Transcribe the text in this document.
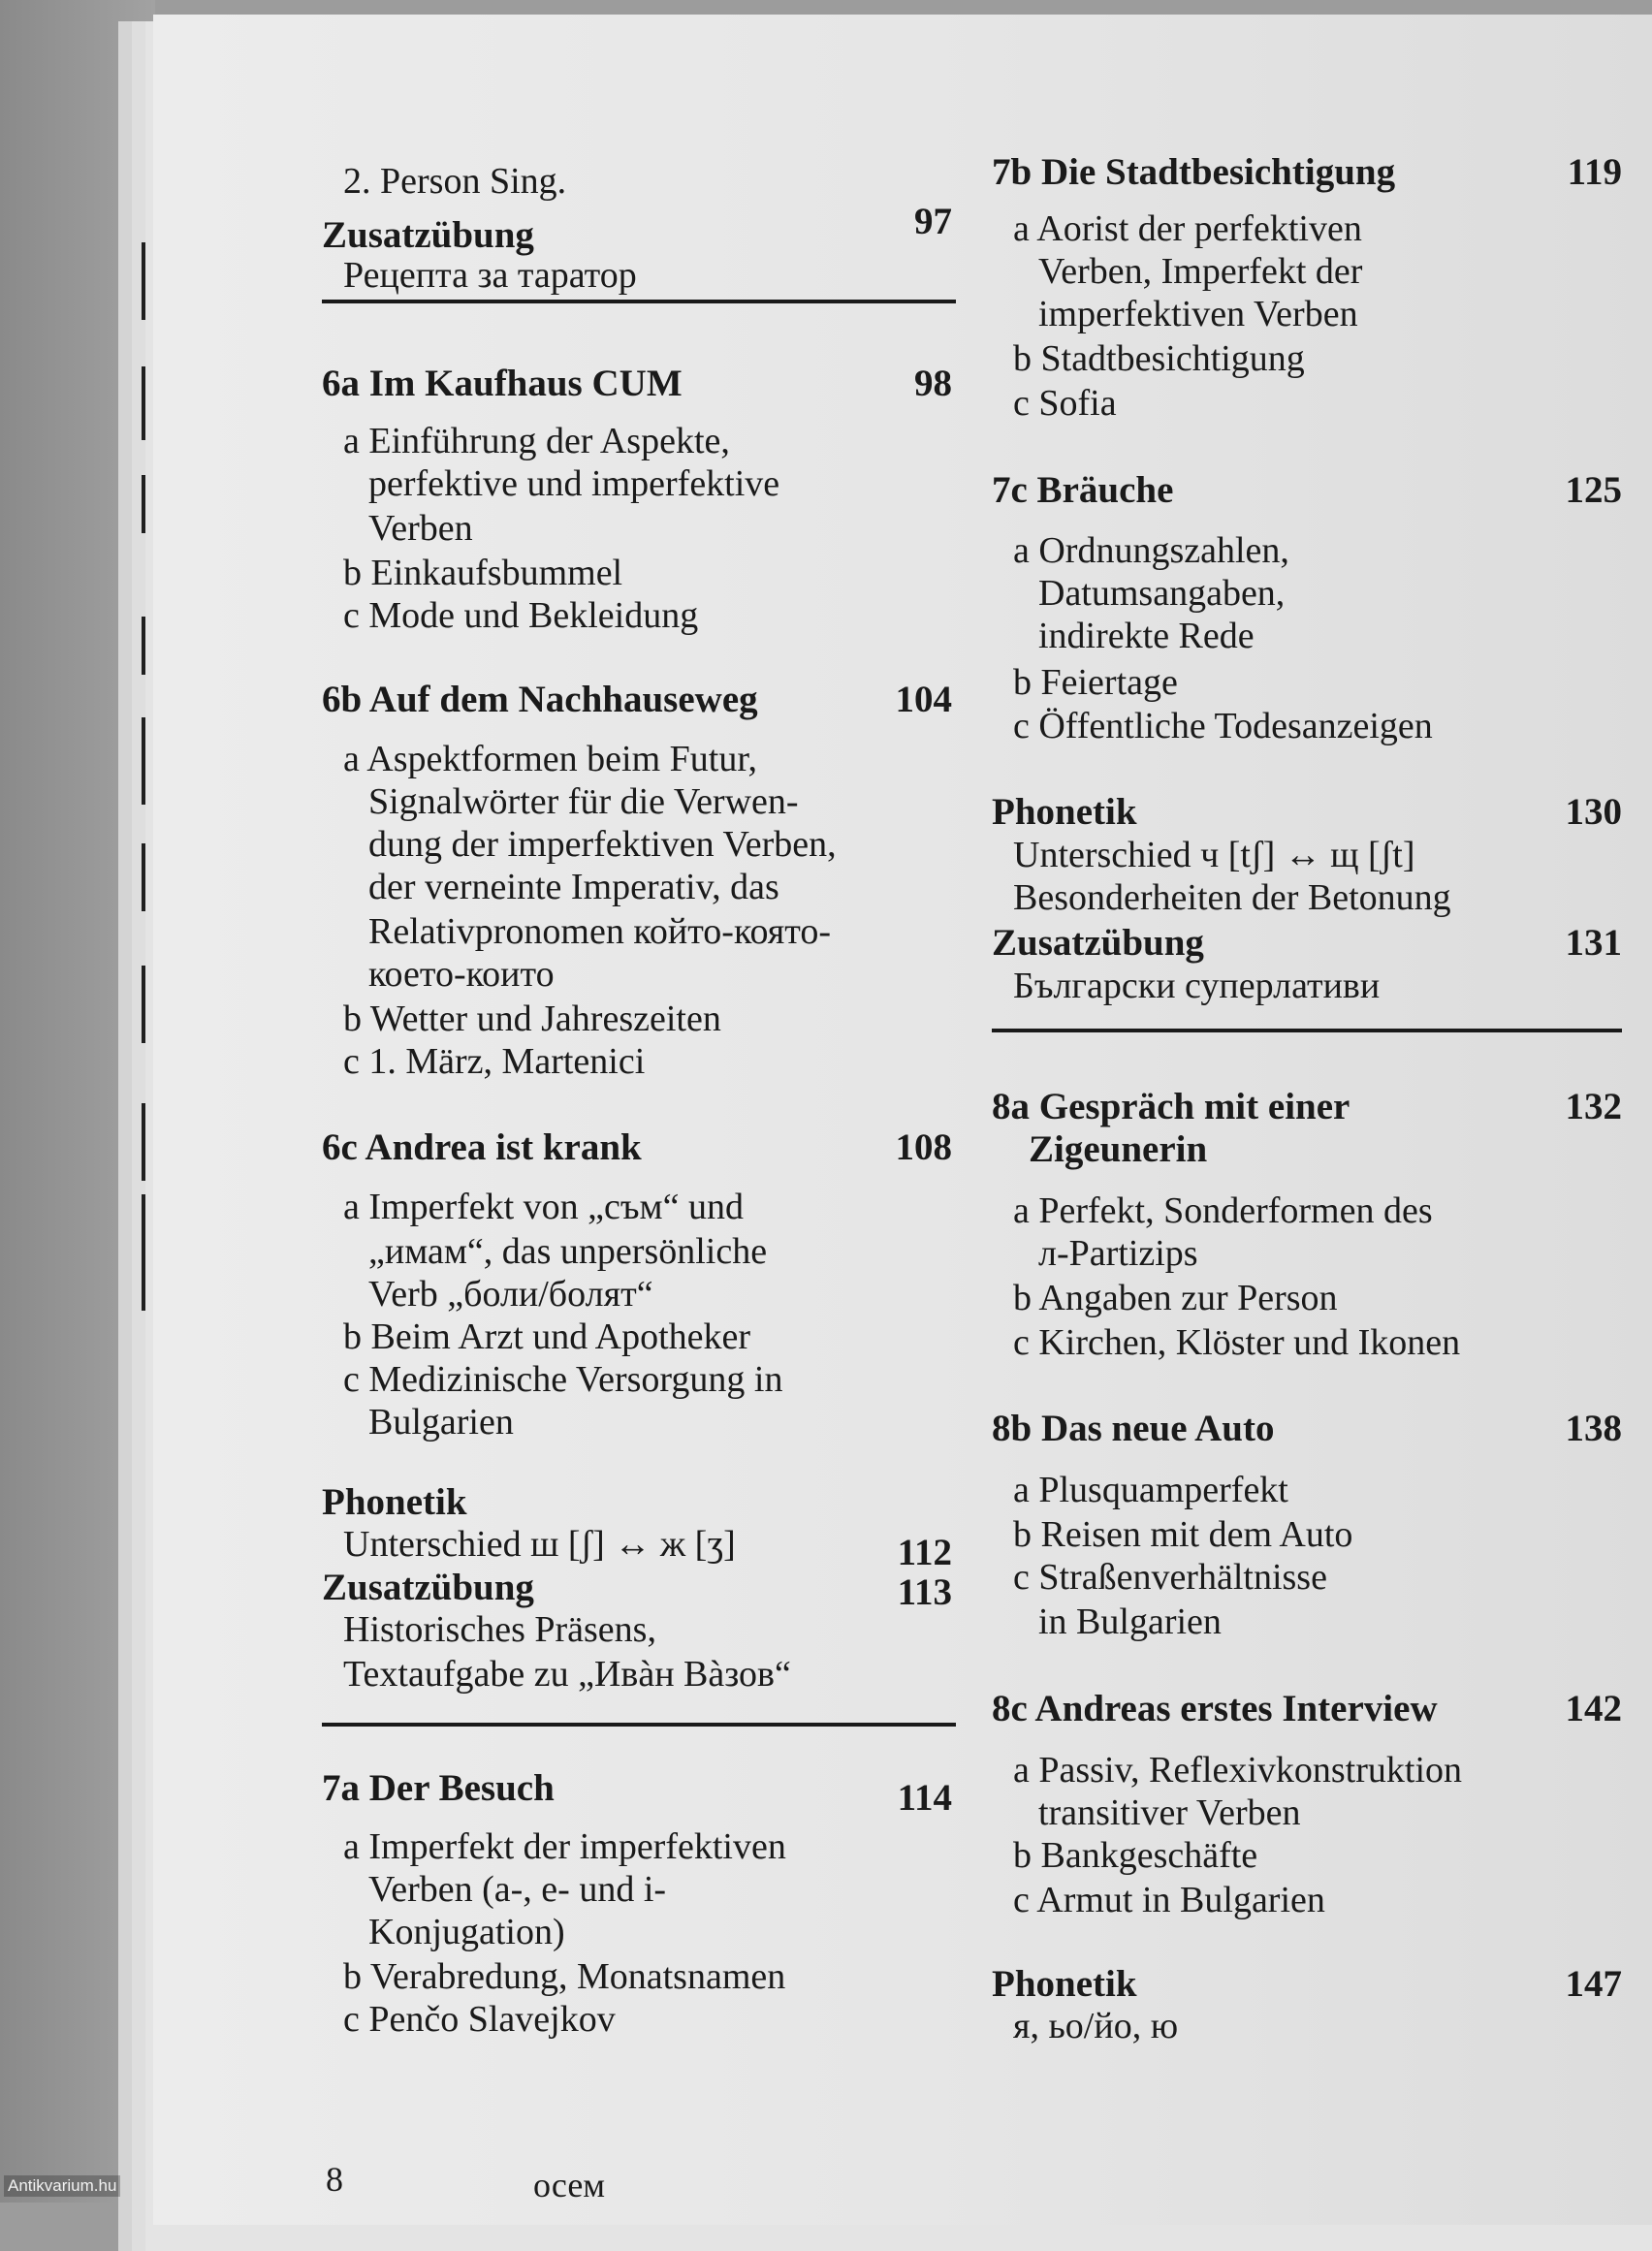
2. Person Sing.
Zusatzübung	97
Рецепта за таратор
6a Im Kaufhaus CUM	98
a Einführung der Aspekte,
perfektive und imperfektive
Verben
b Einkaufsbummel
c Mode und Bekleidung
6b Auf dem Nachhauseweg	104
a Aspektformen beim Futur,
Signalwörter für die Verwen-
dung der imperfektiven Verben,
der verneinte Imperativ, das
Relativpronomen който-която-
което-които
b Wetter und Jahreszeiten
c 1. März, Martenici
6c Andrea ist krank	108
a Imperfekt von „съм“ und
„имам“, das unpersönliche
Verb „боли/болят“
b Beim Arzt und Apotheker
c Medizinische Versorgung in
Bulgarien
Phonetik
Unterschied ш [ʃ] ↔ ж [ʒ]	112
Zusatzübung	113
Historisches Präsens,
Textaufgabe zu „Ивàн Вàзов“
7a Der Besuch	114
a Imperfekt der imperfektiven
Verben (a-, e- und i-
Konjugation)
b Verabredung, Monatsnamen
c Penčo Slavejkov
7b Die Stadtbesichtigung	119
a Aorist der perfektiven
Verben, Imperfekt der
imperfektiven Verben
b Stadtbesichtigung
c Sofia
7c Bräuche	125
a Ordnungszahlen,
Datumsangaben,
indirekte Rede
b Feiertage
c Öffentliche Todesanzeigen
Phonetik	130
Unterschied ч [tʃ] ↔ щ [ʃt]
Besonderheiten der Betonung
Zusatzübung	131
Български суперлативи
8a Gespräch mit einer	132
Zigeunerin
a Perfekt, Sonderformen des
л-Partizips
b Angaben zur Person
c Kirchen, Klöster und Ikonen
8b Das neue Auto	138
a Plusquamperfekt
b Reisen mit dem Auto
c Straßenverhältnisse
in Bulgarien
8c Andreas erstes Interview	142
a Passiv, Reflexivkonstruktion
transitiver Verben
b Bankgeschäfte
c Armut in Bulgarien
Phonetik	147
я, ьо/йо, ю
8	осем
Antikvarium.hu
